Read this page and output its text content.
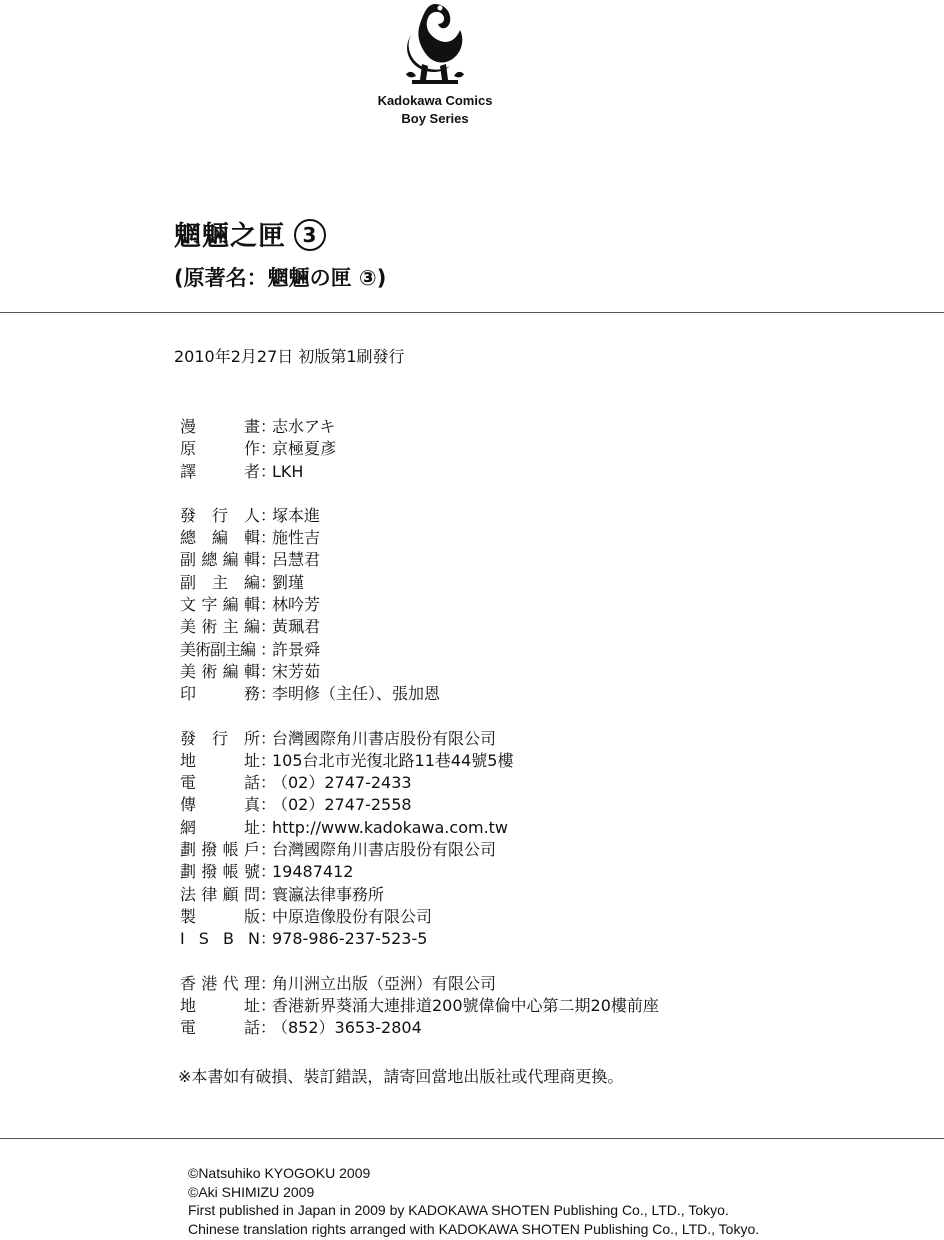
Kadokawa Comics
Boy Series
魍魎之匣 3
(原著名：魍魎の匣 ③)
2010年2月27日 初版第1刷發行
漫	畫 ：
志水アキ
原	作 ：
京極夏彥
譯	者 ：
LKH
發 行 人 ：
塚本進
總 編 輯 ：
施性吉
副 總 編 輯 ：
呂慧君
副 主 編 ：
劉瑾
文 字 編 輯 ：
林吟芳
美 術 主 編 ：
黃珮君
美術副主編 ：
許景舜
美 術 編 輯 ：
宋芳茹
印	務 ：
李明修（主任）、張加恩
發 行 所 ：
台灣國際角川書店股份有限公司
地	址 ：
105台北市光復北路11巷44號5樓
電	話 ：
（02）2747-2433
傳	真 ：
（02）2747-2558
網	址 ：
http://www.kadokawa.com.tw
劃 撥 帳 戶 ：
台灣國際角川書店股份有限公司
劃 撥 帳 號 ：
19487412
法 律 顧 問 ：
寰瀛法律事務所
製	版 ：
中原造像股份有限公司
I S B N ：
978-986-237-523-5
香 港 代 理 ：
角川洲立出版（亞洲）有限公司
地	址 ：
香港新界葵涌大連排道200號偉倫中心第二期20樓前座
電	話 ：
（852）3653-2804
※本書如有破損、裝訂錯誤，請寄回當地出版社或代理商更換。
©Natsuhiko KYOGOKU 2009
©Aki SHIMIZU 2009
First published in Japan in 2009 by KADOKAWA SHOTEN Publishing Co., LTD., Tokyo.
Chinese translation rights arranged with KADOKAWA SHOTEN Publishing Co., LTD., Tokyo.
